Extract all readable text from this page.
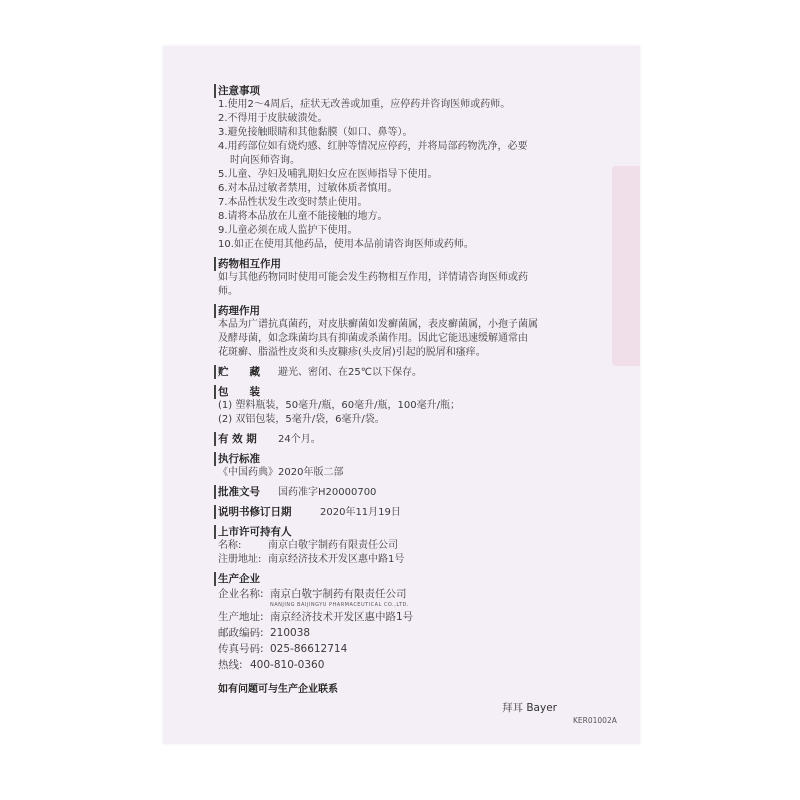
注意事项
1.使用2～4周后，症状无改善或加重，应停药并咨询医师或药师。
2.不得用于皮肤破溃处。
3.避免接触眼睛和其他黏膜（如口、鼻等）。
4.用药部位如有烧灼感、红肿等情况应停药，并将局部药物洗净，必要
时向医师咨询。
5.儿童、孕妇及哺乳期妇女应在医师指导下使用。
6.对本品过敏者禁用，过敏体质者慎用。
7.本品性状发生改变时禁止使用。
8.请将本品放在儿童不能接触的地方。
9.儿童必须在成人监护下使用。
10.如正在使用其他药品，使用本品前请咨询医师或药师。
药物相互作用
如与其他药物同时使用可能会发生药物相互作用，详情请咨询医师或药
师。
药理作用
本品为广谱抗真菌药，对皮肤癣菌如发癣菌属，表皮癣菌属，小孢子菌属
及酵母菌，如念珠菌均具有抑菌或杀菌作用。因此它能迅速缓解通常由
花斑癣、脂溢性皮炎和头皮糠疹(头皮屑)引起的脱屑和瘙痒。
贮　　藏	避光、密闭、在25℃以下保存。
包　　装
(1) 塑料瓶装，50毫升/瓶，60毫升/瓶，100毫升/瓶；
(2) 双铝包装，5毫升/袋，6毫升/袋。
有 效 期	24个月。
执行标准
《中国药典》2020年版二部
批准文号	国药准字H20000700
说明书修订日期	2020年11月19日
上市许可持有人
名称:	南京白敬宇制药有限责任公司
注册地址: 南京经济技术开发区惠中路1号
生产企业
企业名称: 南京白敬宇制药有限责任公司
NANJING BAIJINGYU PHARMACEUTICAL CO.,LTD.
生产地址: 南京经济技术开发区惠中路1号
邮政编码: 210038
传真号码: 025-86612714
热线: 400-810-0360
如有问题可与生产企业联系
拜耳 Bayer
KER01002A
